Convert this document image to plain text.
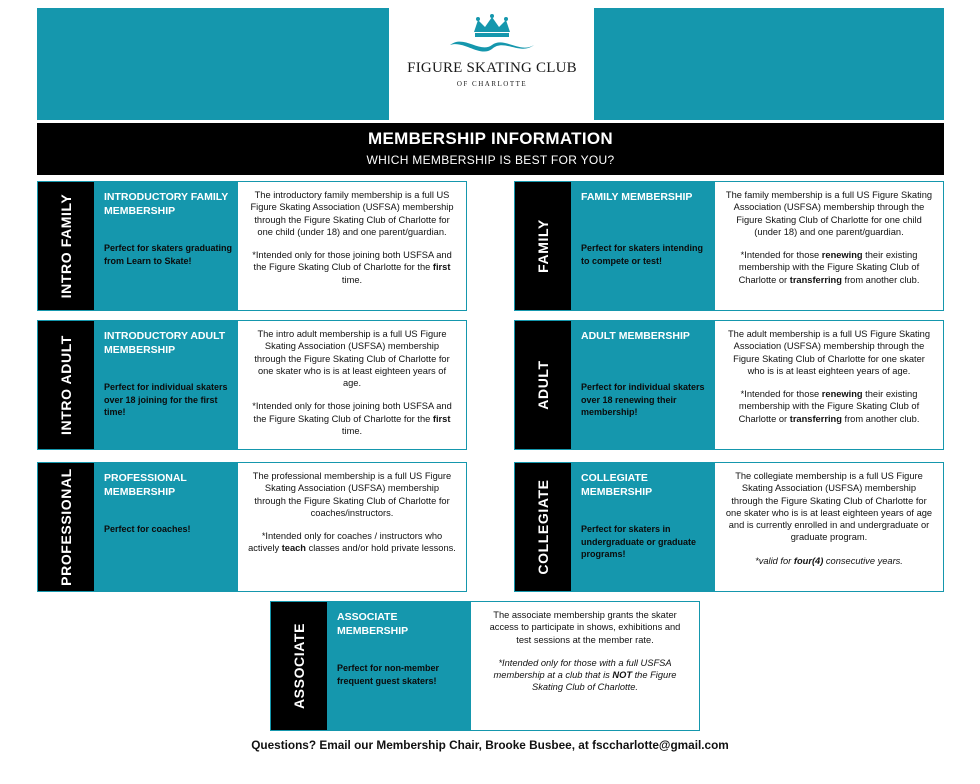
FIGURE SKATING CLUB
OF CHARLOTTE
MEMBERSHIP INFORMATION
WHICH MEMBERSHIP IS BEST FOR YOU?
INTRO FAMILY	INTRODUCTORY FAMILY MEMBERSHIP
Perfect for skaters graduating from Learn to Skate!

The introductory family membership is a full US Figure Skating Association (USFSA) membership through the Figure Skating Club of Charlotte for one child (under 18) and one parent/guardian.

*Intended only for those joining both USFSA and the Figure Skating Club of Charlotte for the first time.

FAMILY
FAMILY MEMBERSHIP
Perfect for skaters intending to compete or test!

The family membership is a full US Figure Skating Association (USFSA) membership through the Figure Skating Club of Charlotte for one child (under 18) and one parent/guardian.

*Intended for those renewing their existing membership with the Figure Skating Club of Charlotte or transferring from another club.

INTRO ADULT	INTRODUCTORY ADULT MEMBERSHIP
Perfect for individual skaters over 18 joining for the first time!

The intro adult membership is a full US Figure Skating Association (USFSA) membership through the Figure Skating Club of Charlotte for one skater who is is at least eighteen years of age.

*Intended only for those joining both USFSA and the Figure Skating Club of Charlotte for the first time.

ADULT
ADULT MEMBERSHIP
Perfect for individual skaters over 18 renewing their membership!

The adult membership is a full US Figure Skating Association (USFSA) membership through the Figure Skating Club of Charlotte for one skater who is is at least eighteen years of age.

*Intended for those renewing their existing membership with the Figure Skating Club of Charlotte or transferring from another club.

PROFESSIONAL	PROFESSIONAL MEMBERSHIP
Perfect for coaches!

The professional membership is a full US Figure Skating Association (USFSA) membership through the Figure Skating Club of Charlotte for coaches/instructors.

*Intended only for coaches / instructors who actively teach classes and/or hold private lessons.	COLLEGIATE
COLLEGIATE MEMBERSHIP
Perfect for skaters in undergraduate or graduate programs!

The collegiate membership is a full US Figure Skating Association (USFSA) membership through the Figure Skating Club of Charlotte for one skater who is is at least eighteen years of age and is currently enrolled in and undergraduate or graduate program.

*valid for four(4) consecutive years.

ASSOCIATE
ASSOCIATE MEMBERSHIP
Perfect for non-member frequent guest skaters!

The associate membership grants the skater access to participate in shows, exhibitions and test sessions at the member rate.

*Intended only for those with a full USFSA membership at a club that is NOT the Figure Skating Club of Charlotte.

Questions? Email our Membership Chair, Brooke Busbee, at fsccharlotte@gmail.com
